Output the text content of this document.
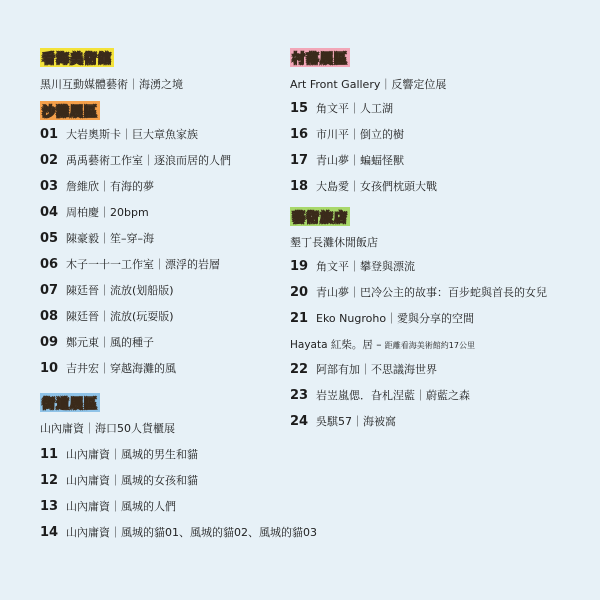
看海美術館
黑川互動媒體藝術｜海湧之境
沙灘展區
01 大岩奧斯卡｜巨大章魚家族
02 禹禹藝術工作室｜逐浪而居的人們
03 詹維欣｜有海的夢
04 周柏慶｜20bpm
05 陳豪毅｜笙–穿–海
06 木子一十一工作室｜漂浮的岩層
07 陳廷晉｜流放(划船版)
08 陳廷晉｜流放(玩耍版)
09 鄭元東｜風的種子
10 吉井宏｜穿越海灘的風
街道展區
山內庸資｜海口50人貨櫃展
11 山內庸資｜風城的男生和貓
12 山內庸資｜風城的女孩和貓
13 山內庸資｜風城的人們
14 山內庸資｜風城的貓01、風城的貓02、風城的貓03
村落展區
Art Front Gallery｜反響定位展
15 角文平｜人工湖
16 市川平｜倒立的樹
17 青山夢｜蝙蝠怪獸
18 大島愛｜女孩們枕頭大戰
藝術旅店
墾丁長灘休閒飯店
19 角文平｜攀登與漂流
20 青山夢｜巴冷公主的故事：百步蛇與首長的女兒
21 Eko Nugroho｜愛與分享的空間
Hayata 紅柴。居 – 距離看海美術館約17公里
22 阿部有加｜不思議海世界
23 岩岦嵐偲．旮札涅藍｜蔚藍之森
24 吳騏57｜海被窩
